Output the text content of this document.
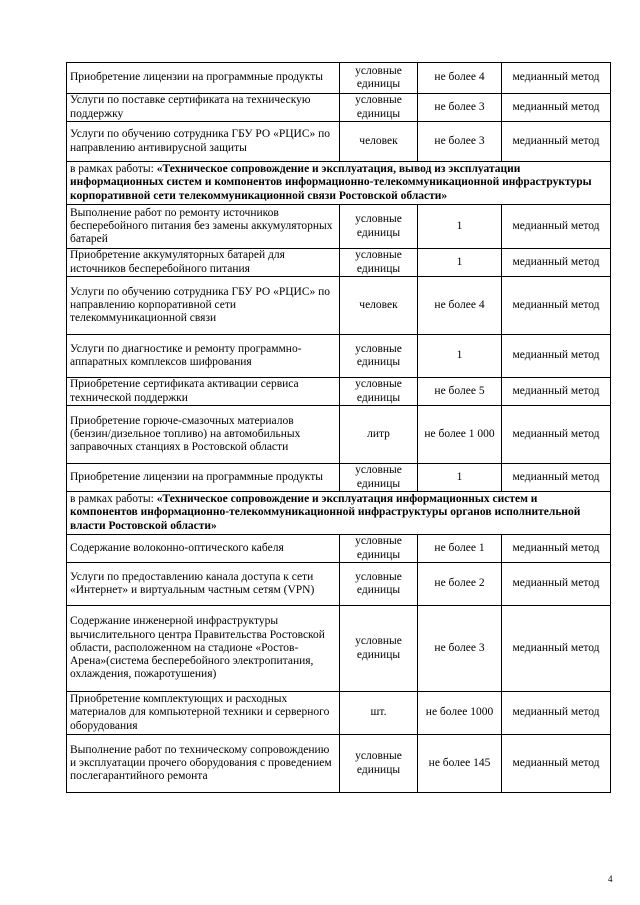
Приобретение лицензии на программные продукты	условные единицы	не более 4	медианный метод
Услуги по поставке сертификата на техническую поддержку	условные единицы	не более 3	медианный метод
Услуги по обучению сотрудника ГБУ РО «РЦИС» по направлению антивирусной защиты	человек	не более 3	медианный метод
в рамках работы: «Техническое сопровождение и эксплуатация, вывод из эксплуатации информационных систем и компонентов информационно-телекоммуникационной инфраструктуры корпоративной сети телекоммуникационной связи Ростовской области»			
Выполнение работ по ремонту источников бесперебойного питания без замены аккумуляторных батарей	условные единицы	1	медианный метод
Приобретение аккумуляторных батарей для источников бесперебойного питания	условные единицы	1	медианный метод
Услуги по обучению сотрудника ГБУ РО «РЦИС» по направлению корпоративной сети телекоммуникационной связи	человек	не более 4	медианный метод
Услуги по диагностике и ремонту программно-аппаратных комплексов шифрования	условные единицы	1	медианный метод
Приобретение сертификата активации сервиса технической поддержки	условные единицы	не более 5	медианный метод
Приобретение горюче-смазочных материалов (бензин/дизельное топливо) на автомобильных заправочных станциях в Ростовской области	литр	не более 1 000	медианный метод
Приобретение лицензии на программные продукты	условные единицы	1	медианный метод
в рамках работы: «Техническое сопровождение и эксплуатация информационных систем и компонентов информационно-телекоммуникационной инфраструктуры органов исполнительной власти Ростовской области»			
Содержание волоконно-оптического кабеля	условные единицы	не более 1	медианный метод
Услуги по предоставлению канала доступа к сети «Интернет» и виртуальным частным сетям (VPN)	условные единицы	не более 2	медианный метод
Содержание инженерной инфраструктуры вычислительного центра Правительства Ростовской области, расположенном на стадионе «Ростов-Арена»(система бесперебойного электропитания, охлаждения, пожаротушения)	условные единицы	не более 3	медианный метод
Приобретение комплектующих и расходных материалов для компьютерной техники и серверного оборудования	шт.	не более 1000	медианный метод
Выполнение работ по техническому сопровождению и эксплуатации прочего оборудования с проведением послегарантийного ремонта	условные единицы	не более 145	медианный метод
4
